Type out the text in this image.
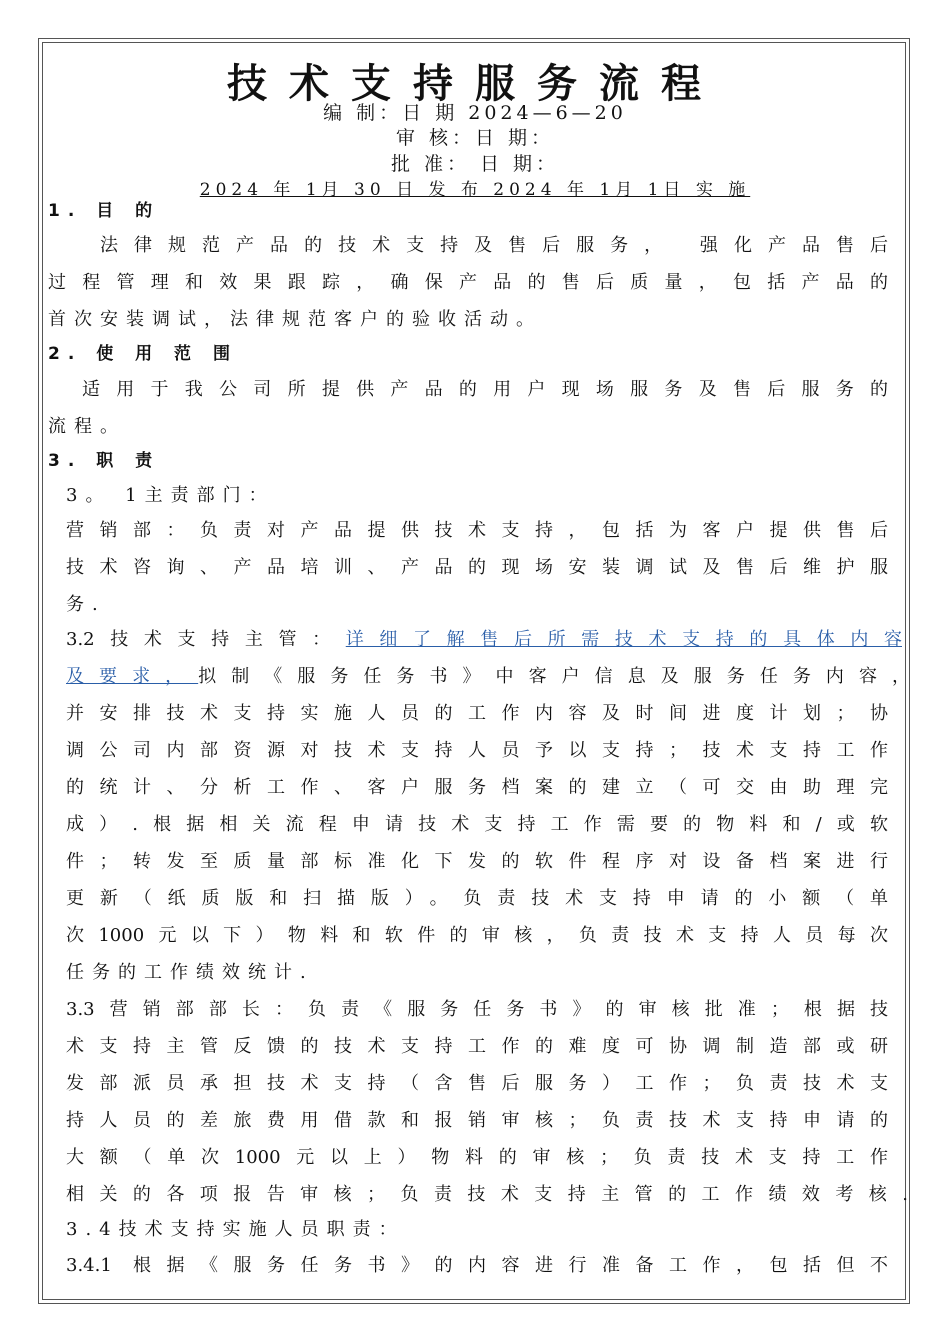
技术支持服务流程
编 制：日 期 2024—6—20
审 核：日 期：
批 准： 日 期：
2024 年 1月 30 日 发 布 2024 年 1月 1日 实 施
1. 目 的
法律规范产品的技术支持及售后服务， 强化产品售后
过程管理和效果跟踪，确保产品的售后质量，包括产品的
首次安装调试，法律规范客户的验收活动。
2. 使 用 范 围
适用于我公司所提供产品的用户现场服务及售后服务的
流程。
3. 职 责
3。 1主责部门：
营销部：负责对产品提供技术支持，包括为客户提供售后
技术咨询、产品培训、产品的现场安装调试及售后维护服
务.
3.2技术支持主管：详细了解售后所需技术支持的具体内容
及要求，拟制《服务任务书》中客户信息及服务任务内容，
并安排技术支持实施人员的工作内容及时间进度计划；协
调公司内部资源对技术支持人员予以支持；技术支持工作
的统计、分析工作、客户服务档案的建立（可交由助理完
成）.根据相关流程申请技术支持工作需要的物料和/或软
件；转发至质量部标准化下发的软件程序对设备档案进行
更新（纸质版和扫描版）。负责技术支持申请的小额（单
次1000元以下）物料和软件的审核，负责技术支持人员每次
任务的工作绩效统计.
3.3营销部部长：负责《服务任务书》的审核批准；根据技
术支持主管反馈的技术支持工作的难度可协调制造部或研
发部派员承担技术支持（含售后服务）工作；负责技术支
持人员的差旅费用借款和报销审核；负责技术支持申请的
大额（单次1000元以上）物料的审核；负责技术支持工作
相关的各项报告审核；负责技术支持主管的工作绩效考核.
3.4技术支持实施人员职责：
3.4.1 根据《服务任务书》的内容进行准备工作，包括但不
